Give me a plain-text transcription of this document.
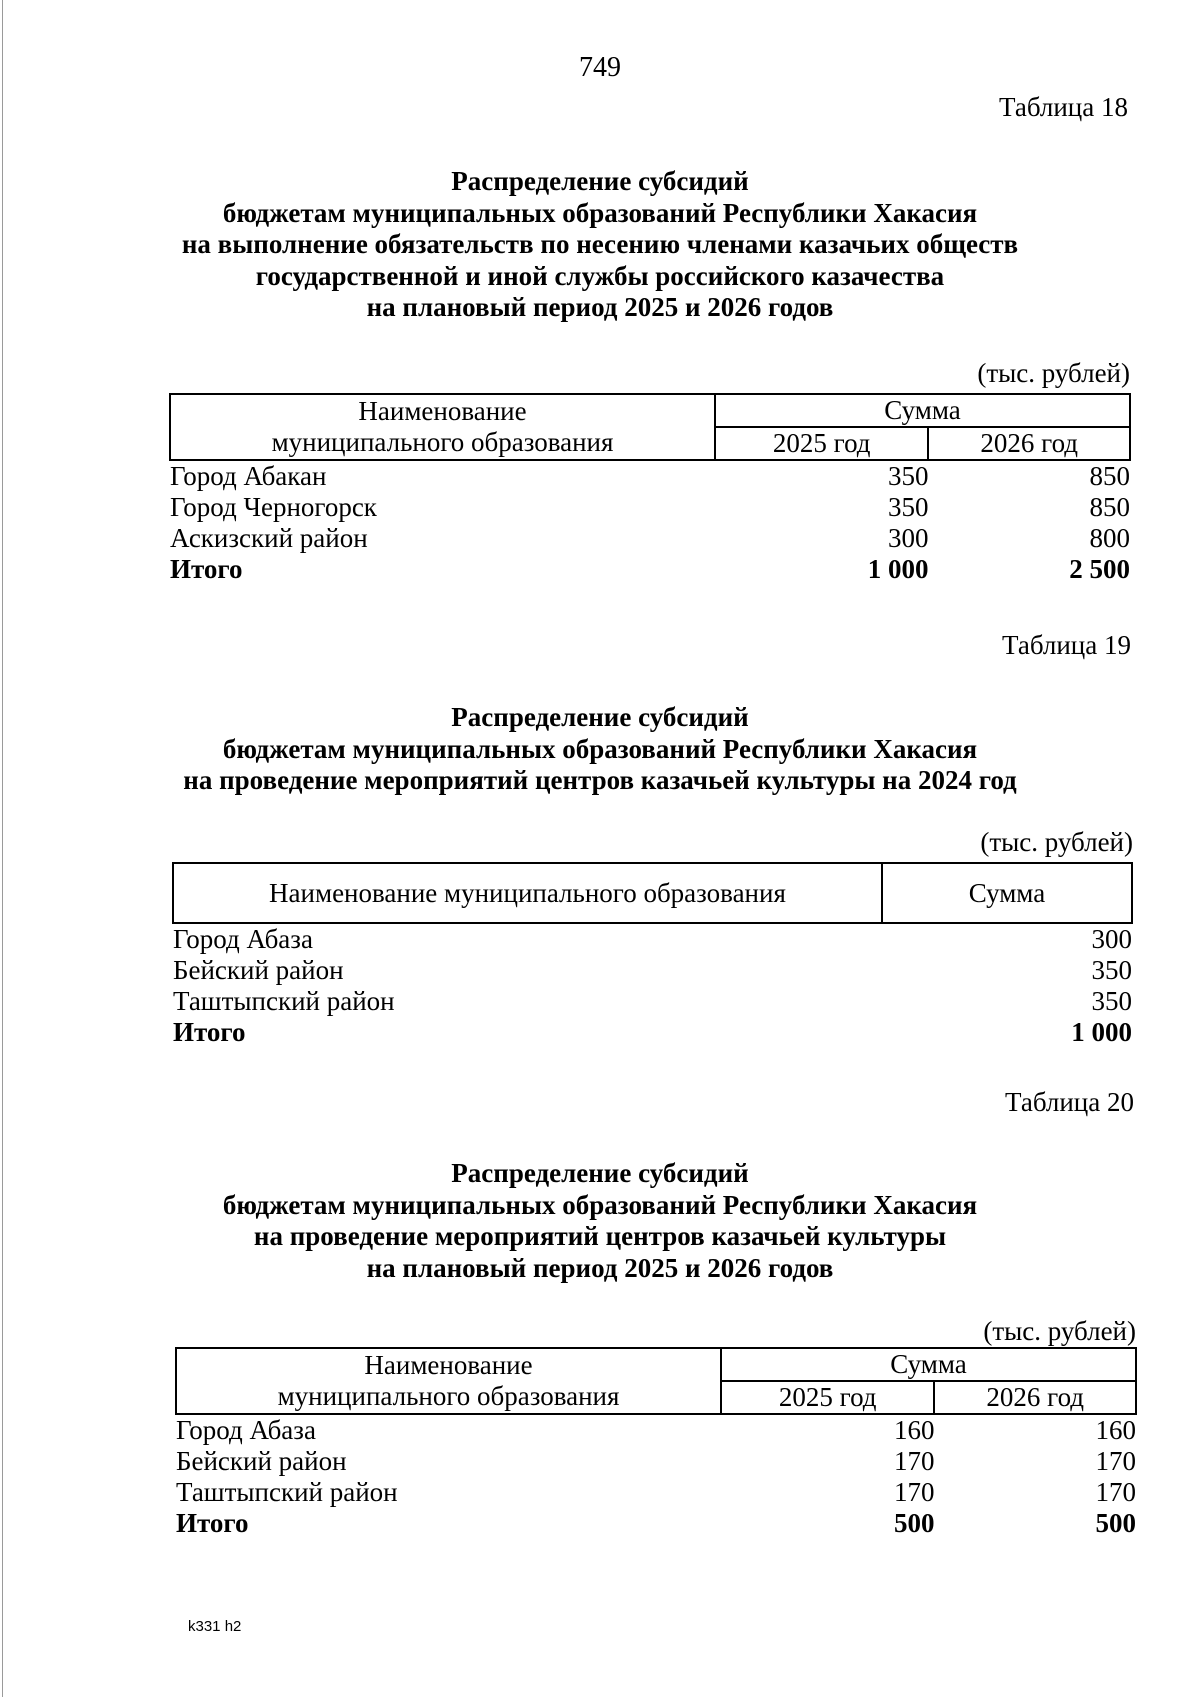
749
Таблица 18
Распределение субсидий
бюджетам муниципальных образований Республики Хакасия
на выполнение обязательств по несению членами казачьих обществ
государственной и иной службы российского казачества
на плановый период 2025 и 2026 годов
(тыс. рублей)
Наименование
муниципального образования	Сумма	
	2025 год	2026 год
Город Абакан	350	850
Город Черногорск	350	850
Аскизский район	300	800
Итого	1 000	2 500
Таблица 19
Распределение субсидий
бюджетам муниципальных образований Республики Хакасия
на проведение мероприятий центров казачьей культуры на 2024 год
(тыс. рублей)
Наименование муниципального образования	Сумма
Город Абаза	300
Бейский район	350
Таштыпский район	350
Итого	1 000
Таблица 20
Распределение субсидий
бюджетам муниципальных образований Республики Хакасия
на проведение мероприятий центров казачьей культуры
на плановый период 2025 и 2026 годов
(тыс. рублей)
Наименование
муниципального образования	Сумма	
	2025 год	2026 год
Город Абаза	160	160
Бейский район	170	170
Таштыпский район	170	170
Итого	500	500
k331 h2
